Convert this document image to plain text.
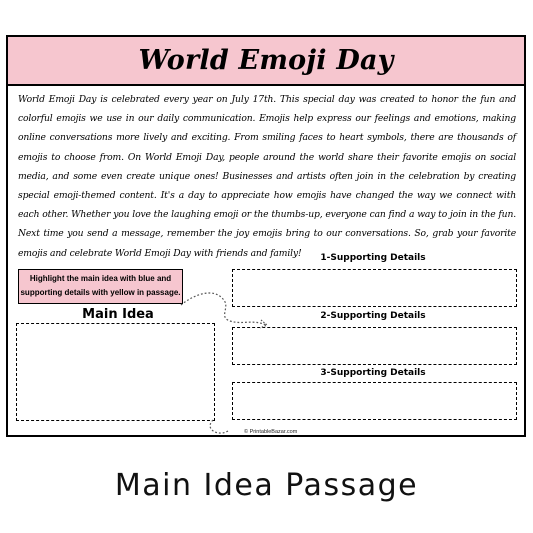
World Emoji Day
World Emoji Day is celebrated every year on July 17th. This special day was created to honor the fun and colorful emojis we use in our daily communication. Emojis help express our feelings and emotions, making online conversations more lively and exciting. From smiling faces to heart symbols, there are thousands of emojis to choose from. On World Emoji Day, people around the world share their favorite emojis on social media, and some even create unique ones! Businesses and artists often join in the celebration by creating special emoji-themed content. It's a day to appreciate how emojis have changed the way we connect with each other. Whether you love the laughing emoji or the thumbs-up, everyone can find a way to join in the fun. Next time you send a message, remember the joy emojis bring to our conversations. So, grab your favorite emojis and celebrate World Emoji Day with friends and family!
Highlight the main idea with blue and supporting details with yellow in passage.
Main Idea
1-Supporting Details
2-Supporting Details
3-Supporting Details
© PrintableBazar.com
Main Idea Passage
